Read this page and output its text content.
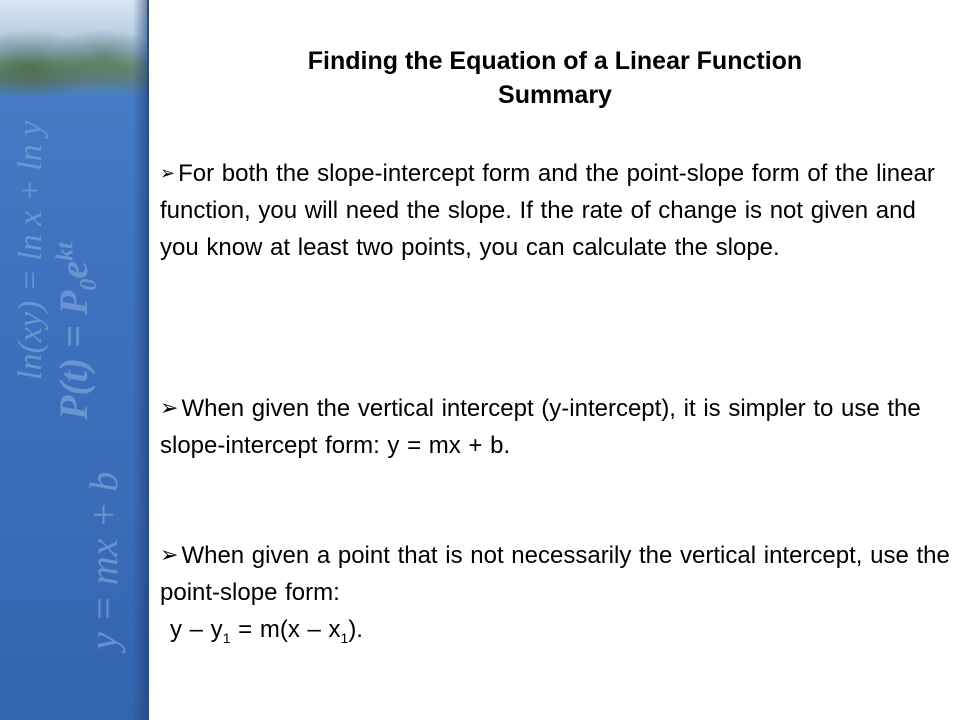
ln(xy) = ln x + ln y $P(t) = P_0e^{kt}$
y = mx + b
Finding the Equation of a Linear Function
Summary
➢ For both the slope-intercept form and the point-slope form of the linear function, you will need the slope. If the rate of change is not given and you know at least two points, you can calculate the slope.
➢ When given the vertical intercept (y-intercept), it is simpler to use the slope-intercept form: y = mx + b.
➢ When given a point that is not necessarily the vertical intercept, use the point-slope form:
$y - y_1 = m(x - x_1)$.
